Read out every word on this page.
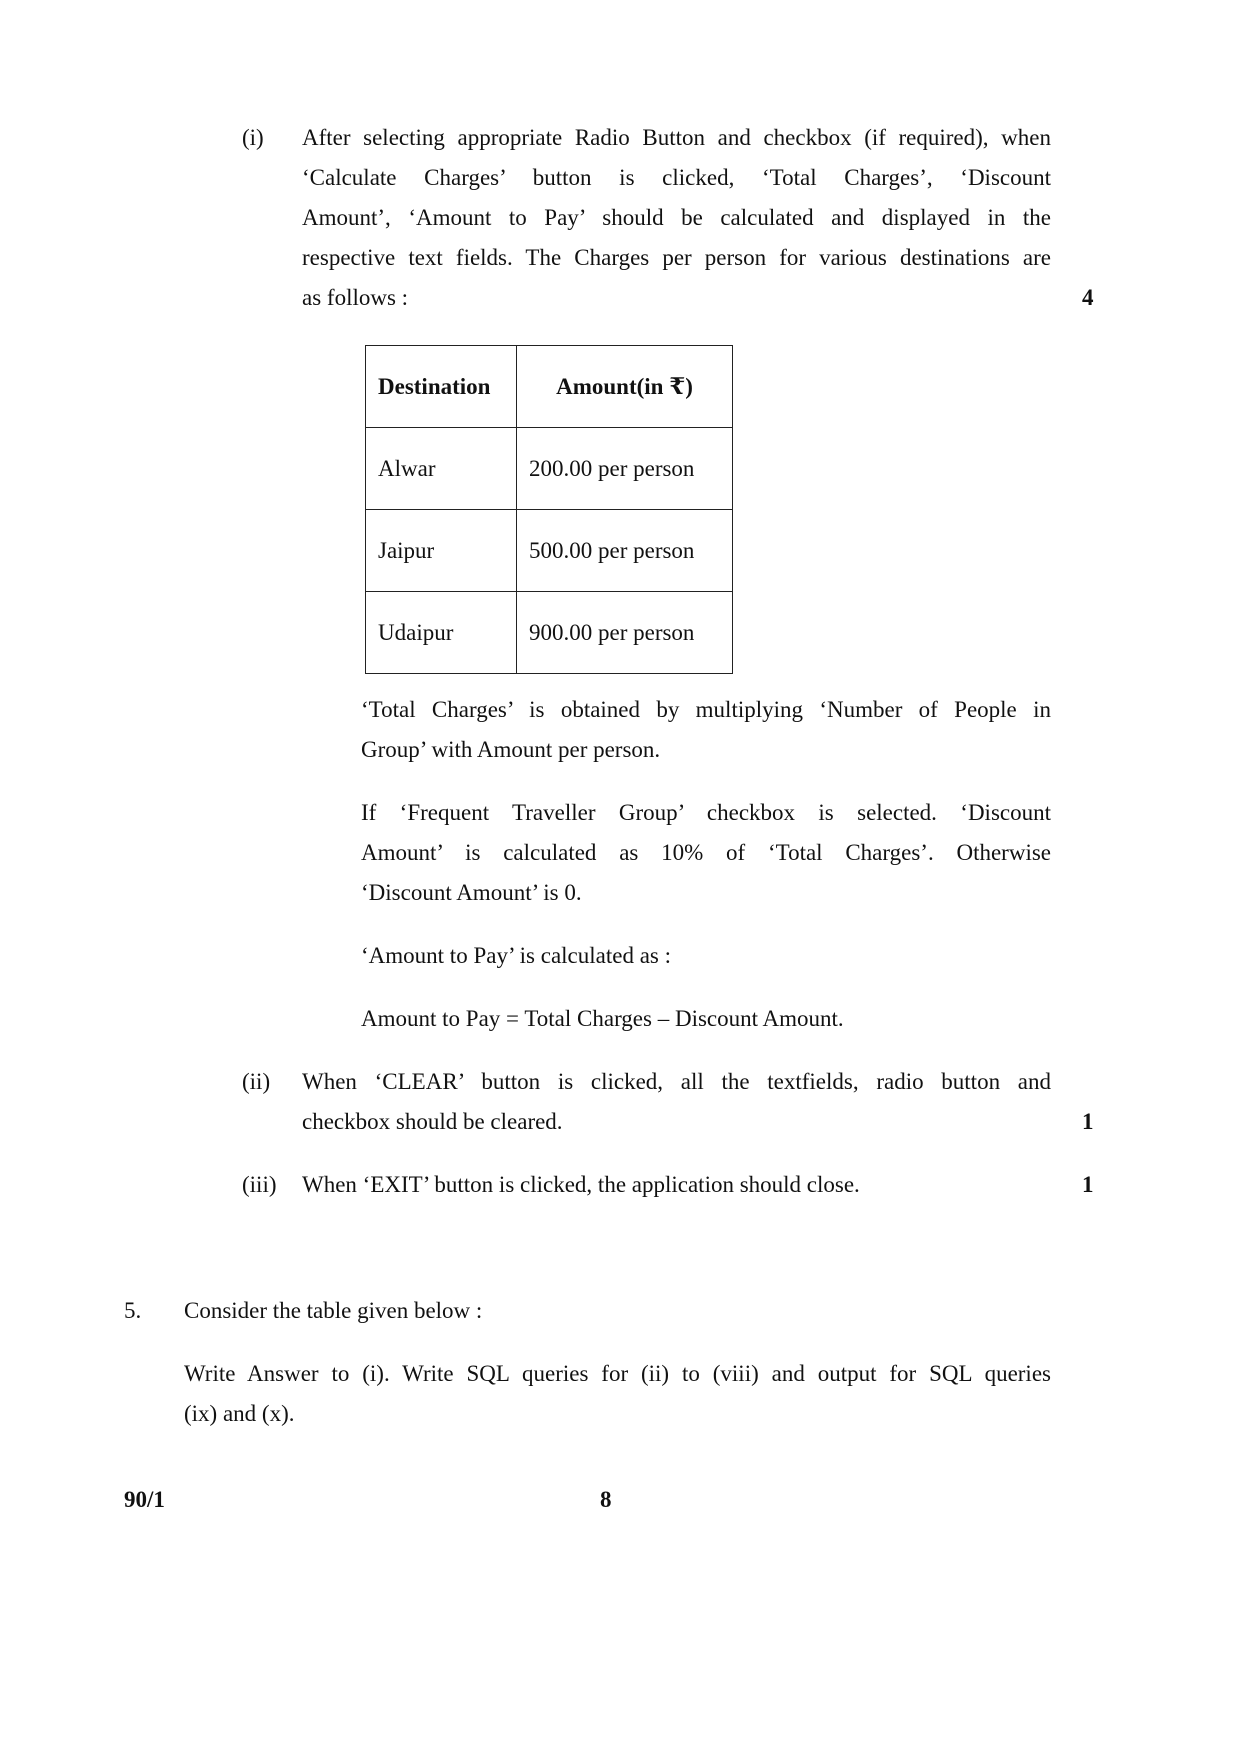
(i) After selecting appropriate Radio Button and checkbox (if required), when
‘Calculate Charges’ button is clicked, ‘Total Charges’, ‘Discount
Amount’, ‘Amount to Pay’ should be calculated and displayed in the
respective text fields. The Charges per person for various destinations are
as follows :	4
Destination	Amount(in ₹)
Alwar	200.00 per person
Jaipur	500.00 per person
Udaipur	900.00 per person
‘Total Charges’ is obtained by multiplying ‘Number of People in
Group’ with Amount per person.
If ‘Frequent Traveller Group’ checkbox is selected. ‘Discount
Amount’ is calculated as 10% of ‘Total Charges’. Otherwise
‘Discount Amount’ is 0.
‘Amount to Pay’ is calculated as :
Amount to Pay = Total Charges – Discount Amount.
(ii) When ‘CLEAR’ button is clicked, all the textfields, radio button and
checkbox should be cleared.	1
(iii) When ‘EXIT’ button is clicked, the application should close.	1
5. Consider the table given below :
Write Answer to (i). Write SQL queries for (ii) to (viii) and output for SQL queries
(ix) and (x).
90/1	8
